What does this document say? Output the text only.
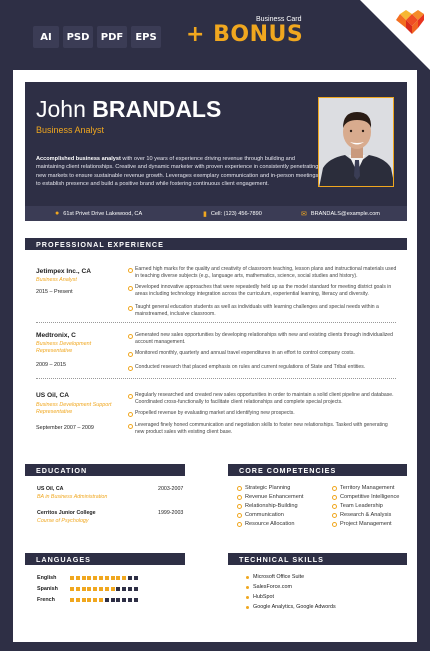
AI	PSD	PDF	EPS
Business Card
+ BONUS
John BRANDALS
Business Analyst
Accomplished business analyst with over 10 years of experience driving revenue through building and maintaining client relationships. Creative and dynamic marketer with proven experience in consistently penetrating new markets to ensure sustainable revenue growth. Leverages exemplary communication and in-person meetings to establish presence and build a positive brand while fostering continuous client engagement.
● 61st Privet Drive Lakewood, CA	▮ Cell: (123) 456-7890	✉ BRANDALS@example.com
PROFESSIONAL EXPERIENCE
Jetimpex Inc., CA
Business Analyst
2015 – Present
Earned high marks for the quality and creativity of classroom teaching, lesson plans and instructional materials used in teaching diverse subjects (e.g., language arts, mathematics, science, social studies and history).
Developed innovative approaches that were repeatedly held up as the model standard for meeting district goals in areas including technology integration across the curriculum, experiential learning, literacy and diversity.
Taught general education students as well as individuals with learning challenges and special needs within a mainstreamed, inclusive classroom.
Medtronix, C
Business Development Representative
2009 – 2015
Generated new sales opportunities by developing relationships with new and existing clients through individualized account management.
Monitored monthly, quarterly and annual travel expenditures in an effort to control company costs.
Conducted research that placed emphasis on rules and current regulations of State and Tribal entities.
US Oil, CA
Business Development Support Representative
September 2007 – 2009
Regularly researched and created new sales opportunities in order to maintain a solid client pipeline and database. Coordinated cross-functionally to facilitate client relationships and complete special projects.
Propelled revenue by evaluating market and identifying new prospects.
Leveraged finely honed communication and negotiation skills to foster new relationships. Tasked with generating new product sales with existing client base.
EDUCATION
US Oil, CA	2003-2007
BA in Business Administration
Cerritos Junior College	1999-2003
Course of Psychology
CORE COMPETENCIES
Strategic Planning
Revenue Enhancement
Relationship-Building
Communication
Resource Allocation
Territory Management
Competitive Intelligence
Team Leadership
Research & Analysis
Project Management
LANGUAGES
English
Spanish
French
TECHNICAL SKILLS
Microsoft Office Suite
SalesForce.com
HubSpot
Google Analytics, Google Adwords
